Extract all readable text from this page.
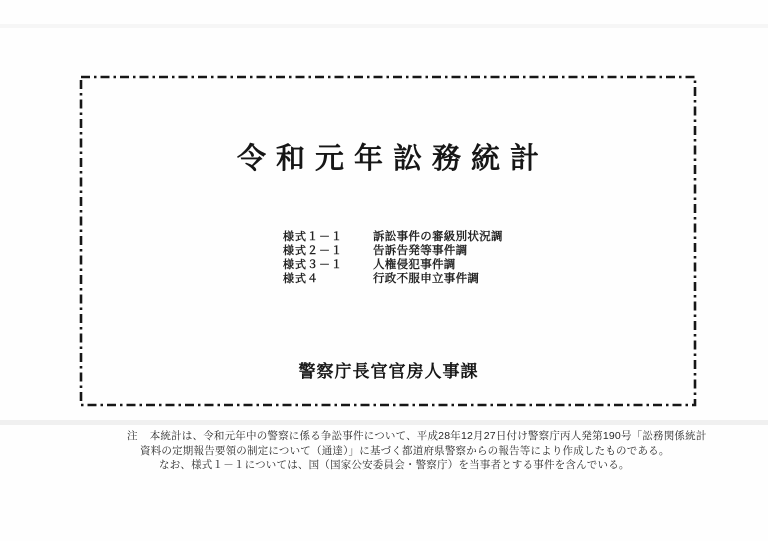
令和元年訟務統計
様式１－１	訴訟事件の審級別状況調
様式２－１	告訴告発等事件調
様式３－１	人権侵犯事件調
様式４	行政不服申立事件調
警察庁長官官房人事課
注 本統計は、令和元年中の警察に係る争訟事件について、平成28年12月27日付け警察庁丙人発第190号「訟務関係統計
資料の定期報告要領の制定について（通達）」に基づく都道府県警察からの報告等により作成したものである。
なお、様式１－１については、国（国家公安委員会・警察庁）を当事者とする事件を含んでいる。
